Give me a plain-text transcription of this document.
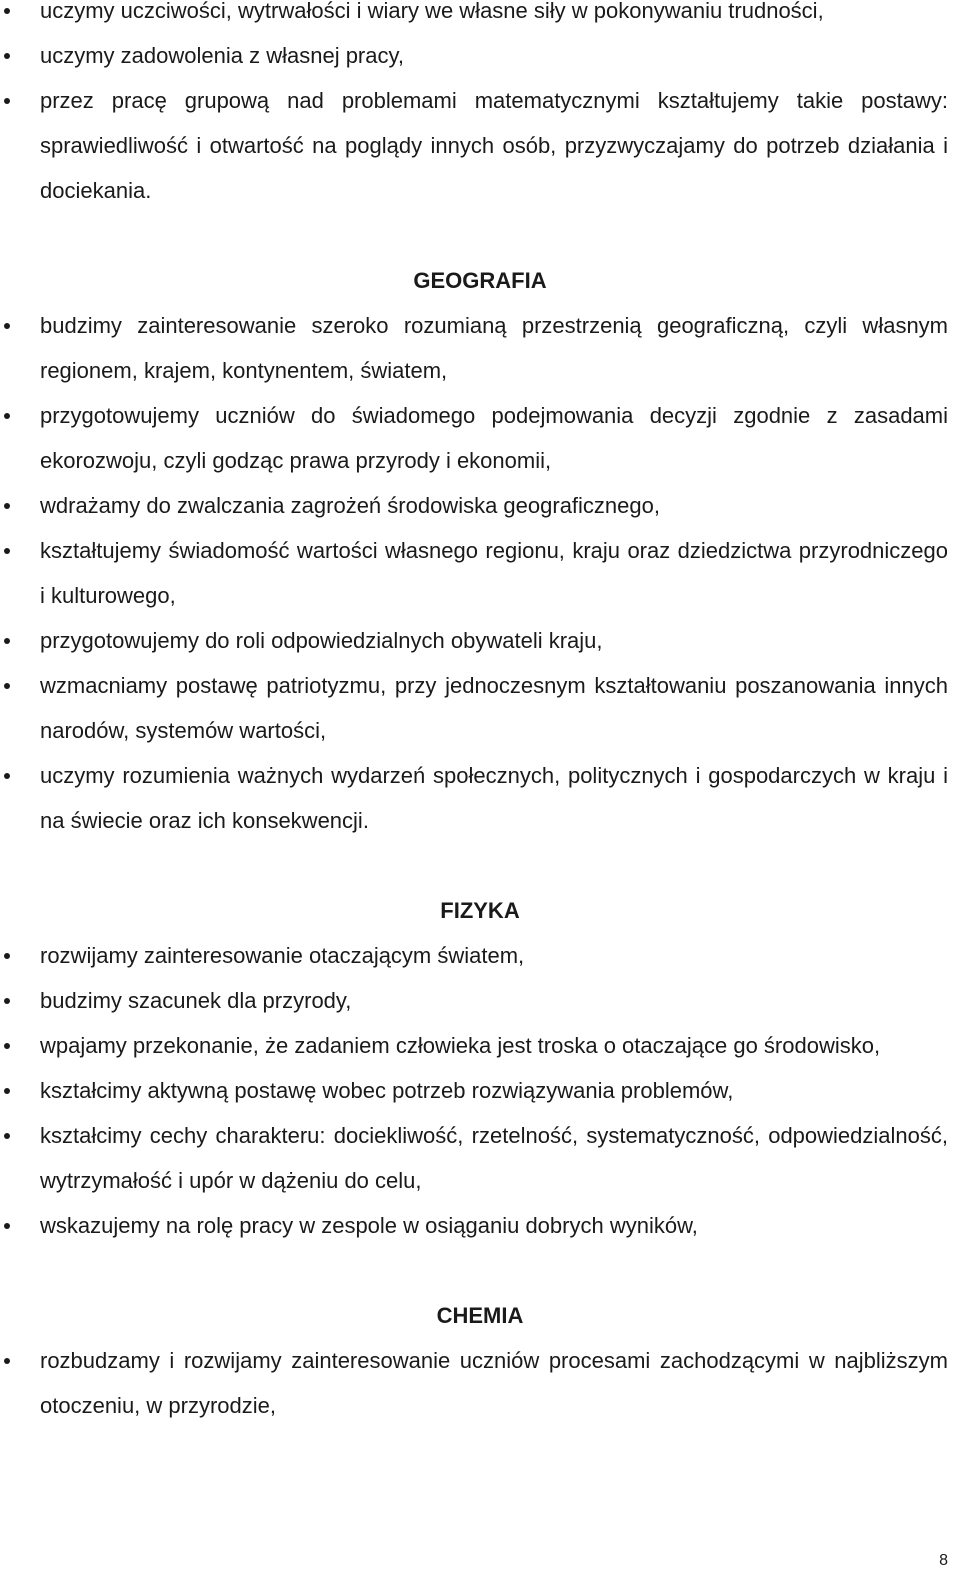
uczymy uczciwości, wytrwałości i wiary we własne siły w pokonywaniu trudności,
uczymy zadowolenia z własnej pracy,
przez pracę grupową nad problemami matematycznymi kształtujemy takie postawy: sprawiedliwość i otwartość na poglądy innych osób, przyzwyczajamy do potrzeb działania i dociekania.
GEOGRAFIA
budzimy zainteresowanie szeroko rozumianą przestrzenią geograficzną, czyli własnym regionem, krajem, kontynentem, światem,
przygotowujemy uczniów do świadomego podejmowania decyzji zgodnie z zasadami ekorozwoju, czyli godząc prawa przyrody i ekonomii,
wdrażamy do zwalczania zagrożeń środowiska geograficznego,
kształtujemy świadomość wartości własnego regionu, kraju oraz dziedzictwa przyrodniczego i kulturowego,
przygotowujemy do roli odpowiedzialnych obywateli kraju,
wzmacniamy postawę patriotyzmu, przy jednoczesnym kształtowaniu poszanowania innych narodów, systemów wartości,
uczymy rozumienia ważnych wydarzeń społecznych, politycznych i gospodarczych w kraju i na świecie oraz ich konsekwencji.
FIZYKA
rozwijamy zainteresowanie otaczającym światem,
budzimy szacunek dla przyrody,
wpajamy przekonanie, że zadaniem człowieka jest troska o otaczające go środowisko,
kształcimy aktywną postawę wobec potrzeb rozwiązywania problemów,
kształcimy cechy charakteru: dociekliwość, rzetelność, systematyczność, odpowiedzialność, wytrzymałość i upór w dążeniu do celu,
wskazujemy na rolę pracy w zespole w osiąganiu dobrych wyników,
CHEMIA
rozbudzamy i rozwijamy zainteresowanie uczniów procesami zachodzącymi w najbliższym otoczeniu, w przyrodzie,
8
